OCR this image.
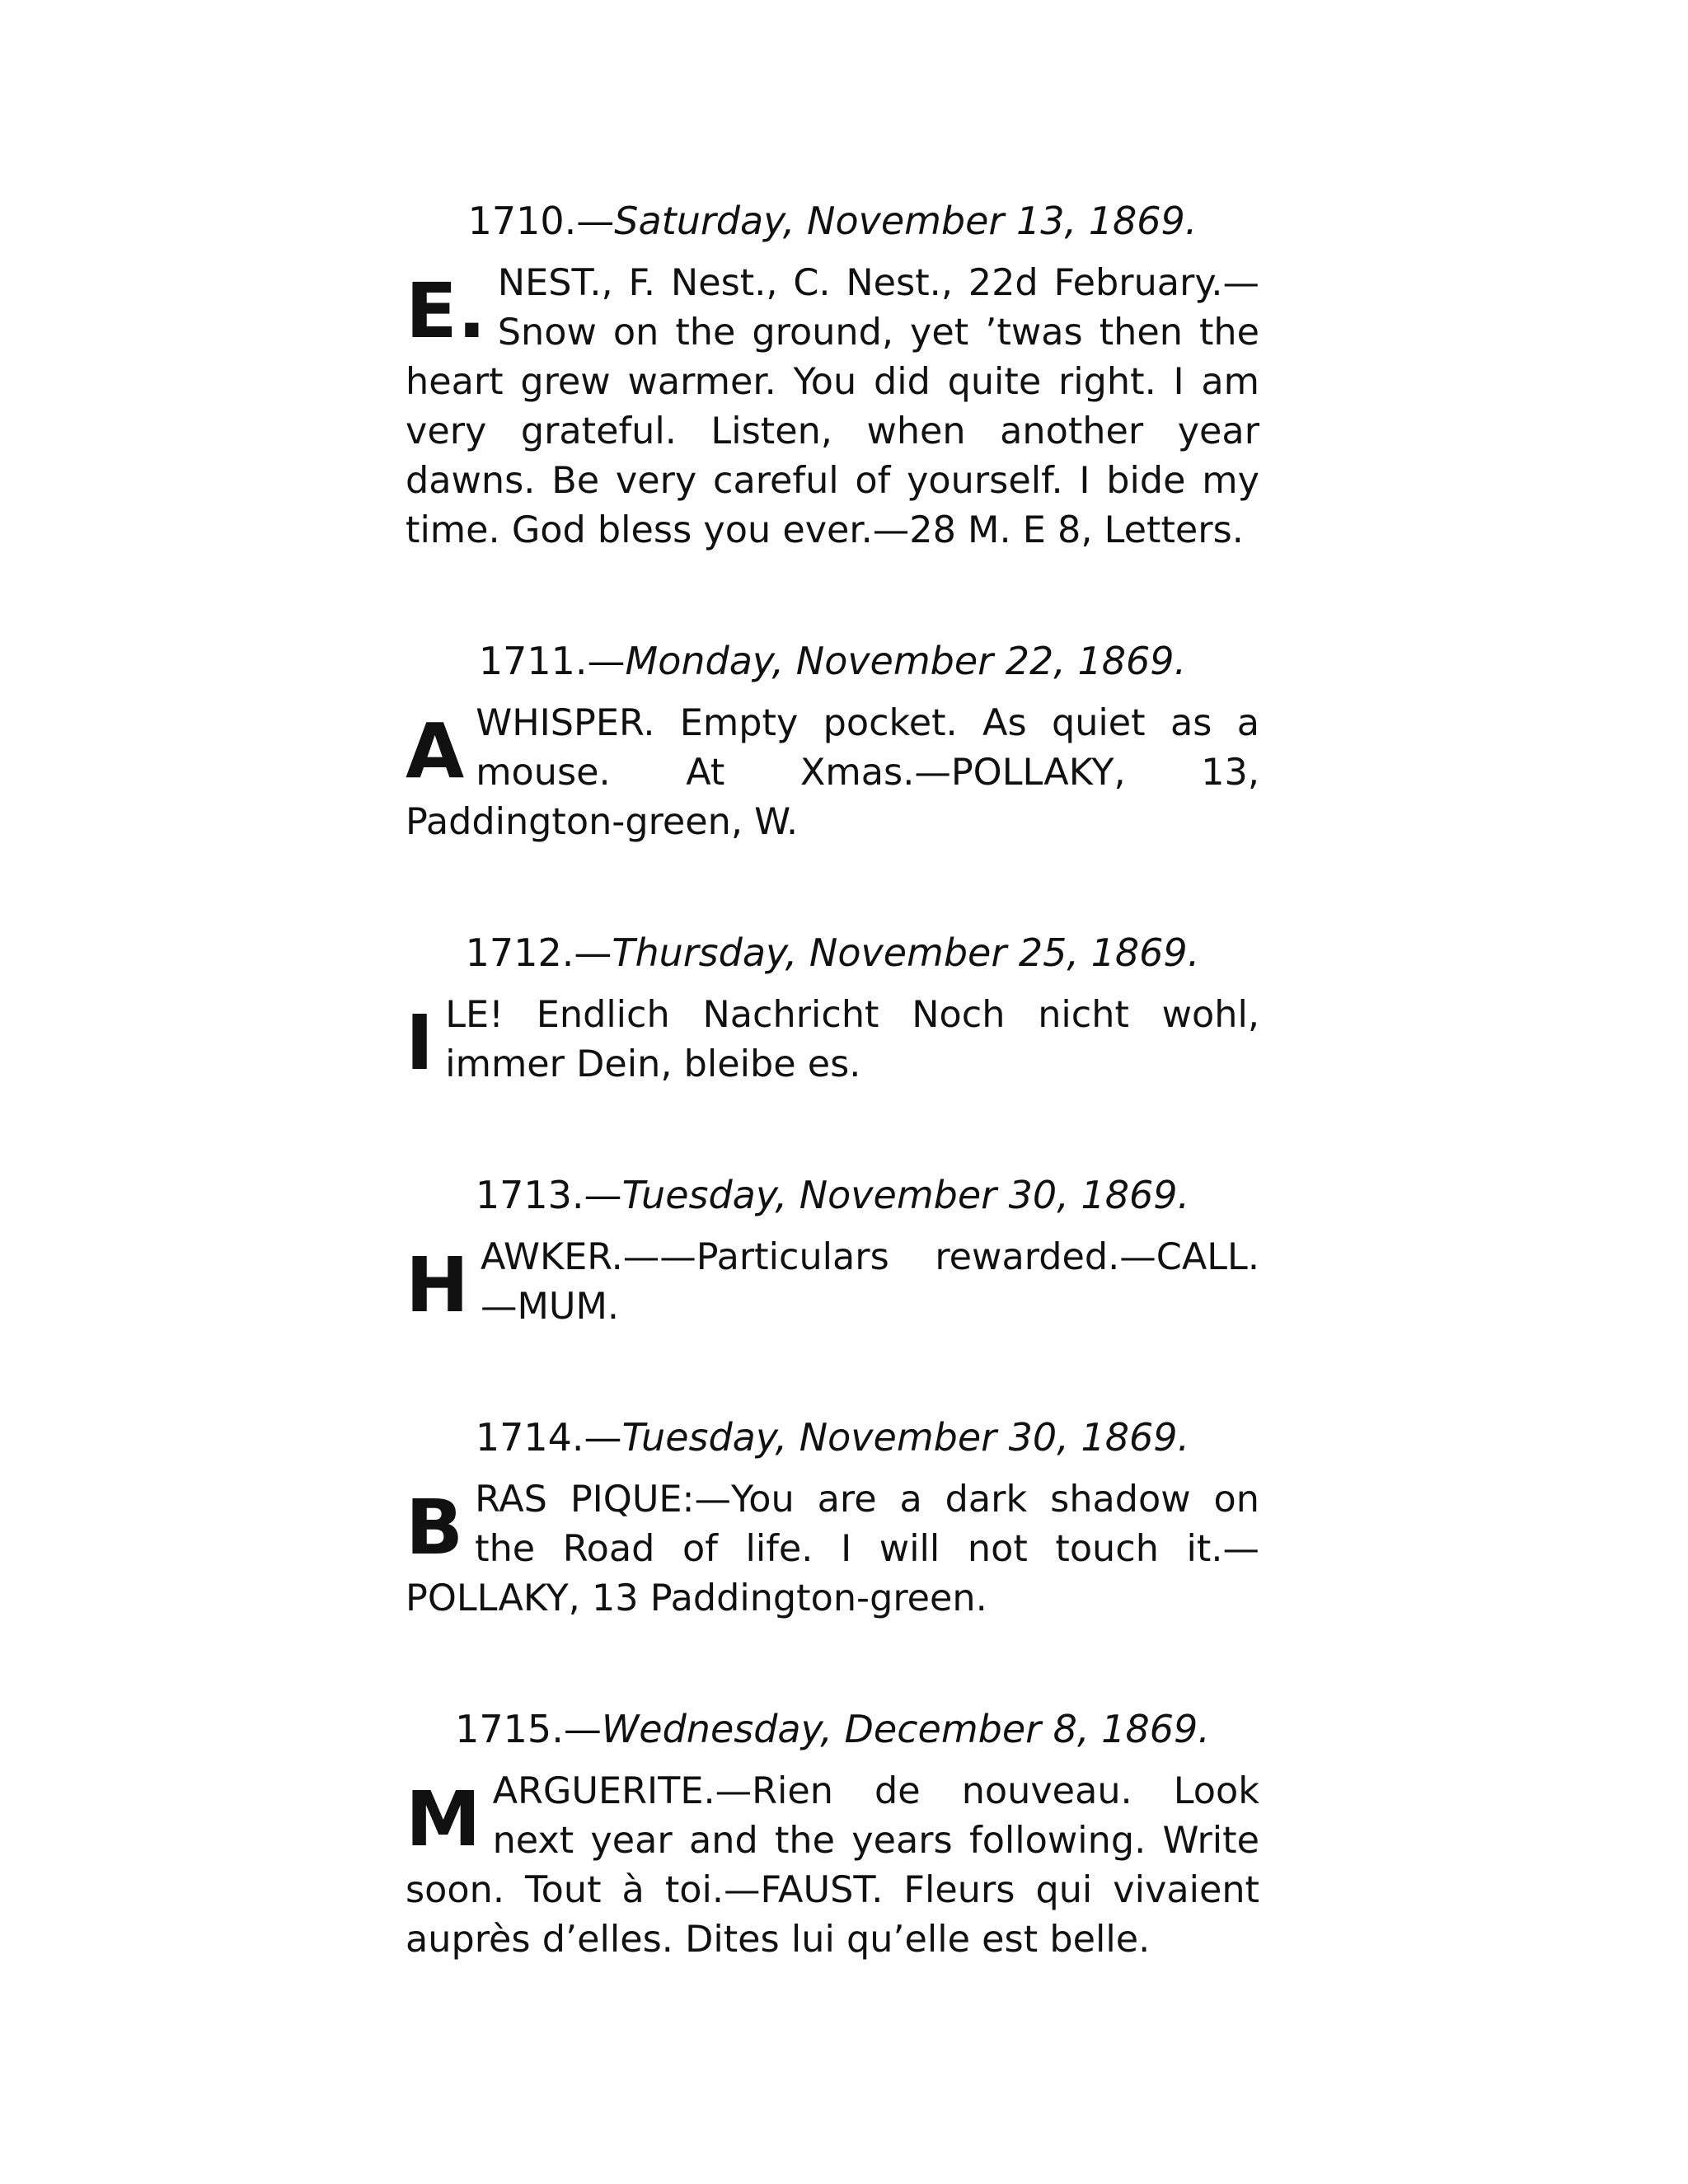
1710.—Saturday, November 13, 1869.

E. NEST., F. Nest., C. Nest., 22d February.—Snow on the ground, yet ’twas then the heart grew warmer. You did quite right. I am very grateful. Listen, when another year dawns. Be very careful of yourself. I bide my time. God bless you ever.—28 M. E 8, Letters.

1711.—Monday, November 22, 1869.

AWHISPER. Empty pocket. As quiet as a mouse. At Xmas.—POLLAKY, 13, Paddington-green, W.

1712.—Thursday, November 25, 1869.

ILE! Endlich Nachricht Noch nicht wohl, immer Dein, bleibe es.

1713.—Tuesday, November 30, 1869.

HAWKER.——Particulars rewarded.—CALL.—MUM.

1714.—Tuesday, November 30, 1869.

BRAS PIQUE:—You are a dark shadow on the Road of life. I will not touch it.—POLLAKY, 13 Paddington-green.

1715.—Wednesday, December 8, 1869.

MARGUERITE.—Rien de nouveau. Look next year and the years following. Write soon. Tout à toi.—FAUST. Fleurs qui vivaient auprès d’elles. Dites lui qu’elle est belle.
